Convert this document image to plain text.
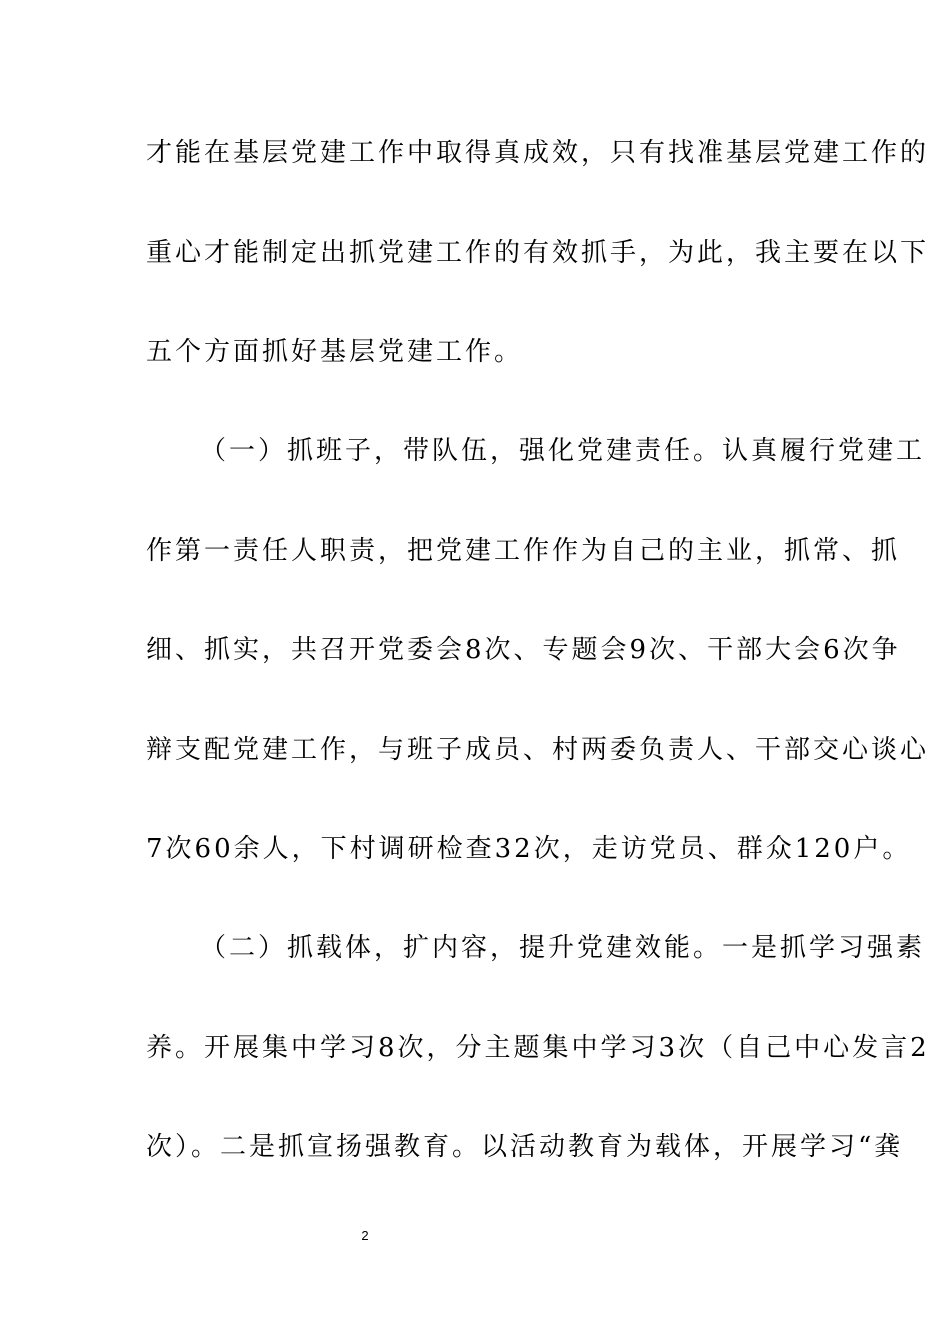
才能在基层党建工作中取得真成效，只有找准基层党建工作的
重心才能制定出抓党建工作的有效抓手，为此，我主要在以下
五个方面抓好基层党建工作。
（一）抓班子，带队伍，强化党建责任。认真履行党建工
作第一责任人职责，把党建工作作为自己的主业，抓常、抓
细、抓实，共召开党委会8次、专题会9次、干部大会6次争
辩支配党建工作，与班子成员、村两委负责人、干部交心谈心
7次60余人，下村调研检查32次，走访党员、群众120户。
（二）抓载体，扩内容，提升党建效能。一是抓学习强素
养。开展集中学习8次，分主题集中学习3次（自己中心发言2
次）。二是抓宣扬强教育。以活动教育为载体，开展学习“龚
2
